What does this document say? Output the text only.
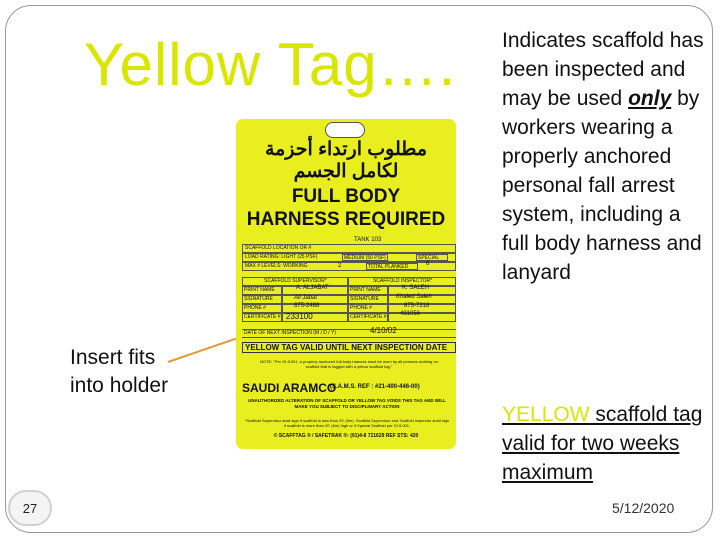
Yellow Tag…. Indicates scaffold has been inspected and may be used only by workers wearing a properly anchored personal fall arrest system, including a full body harness and lanyard
YELLOW scaffold tag valid for two weeks maximum
Insert fits into holder
مطلوب ارتداء أحزمة
لكامل الجسم
FULL BODY
HARNESS REQUIRED
TANK 103
SCAFFOLD LOCATION OR #
LOAD RATING: LIGHT (25 PSF)	MEDIUM (50 PSF)	SPECIAL
MAX # LEVELS: WORKING	TOTAL PLANKED
2	6
SCAFFOLD SUPERVISOR*	SCAFFOLD INSPECTOR*
PRINT NAME	A. ALJABAT	PRINT NAME	K. SALEH
SIGNATURE	Ali Jabat	SIGNATURE	Khaled Saleh
PHONE #	875-2488	PHONE #	875-7218
CERTIFICATE # 233100	CERTIFICATE # 431056
DATE OF NEXT INSPECTION (M / D / Y)	4/10/02
YELLOW TAG VALID UNTIL NEXT INSPECTION DATE
NOTE: "Per GI 8.001, a properly anchored full body harness must be worn by all persons working on scaffold that is tagged with a yellow scaffold tag."
SAUDI ARAMCO
(S.A.M.S. REF : #21-400-446-00)
UNAUTHORIZED ALTERATION OF SCAFFOLD OR YELLOW TAG VOIDS THIS TAG AND WILL MAKE YOU SUBJECT TO DISCIPLINARY ACTION
*Scaffold Supervisor shall sign if scaffold is less than 20' (6m). Scaffold Supervisor and Scaffold Inspector shall sign if scaffold is more than 20' (6m) high or if Special Scaffold per GI 8.001.
© SCAFFTAG ® / SAFETRAK ®: (01)4-8 721629 REF STS: 420
27	5/12/2020
